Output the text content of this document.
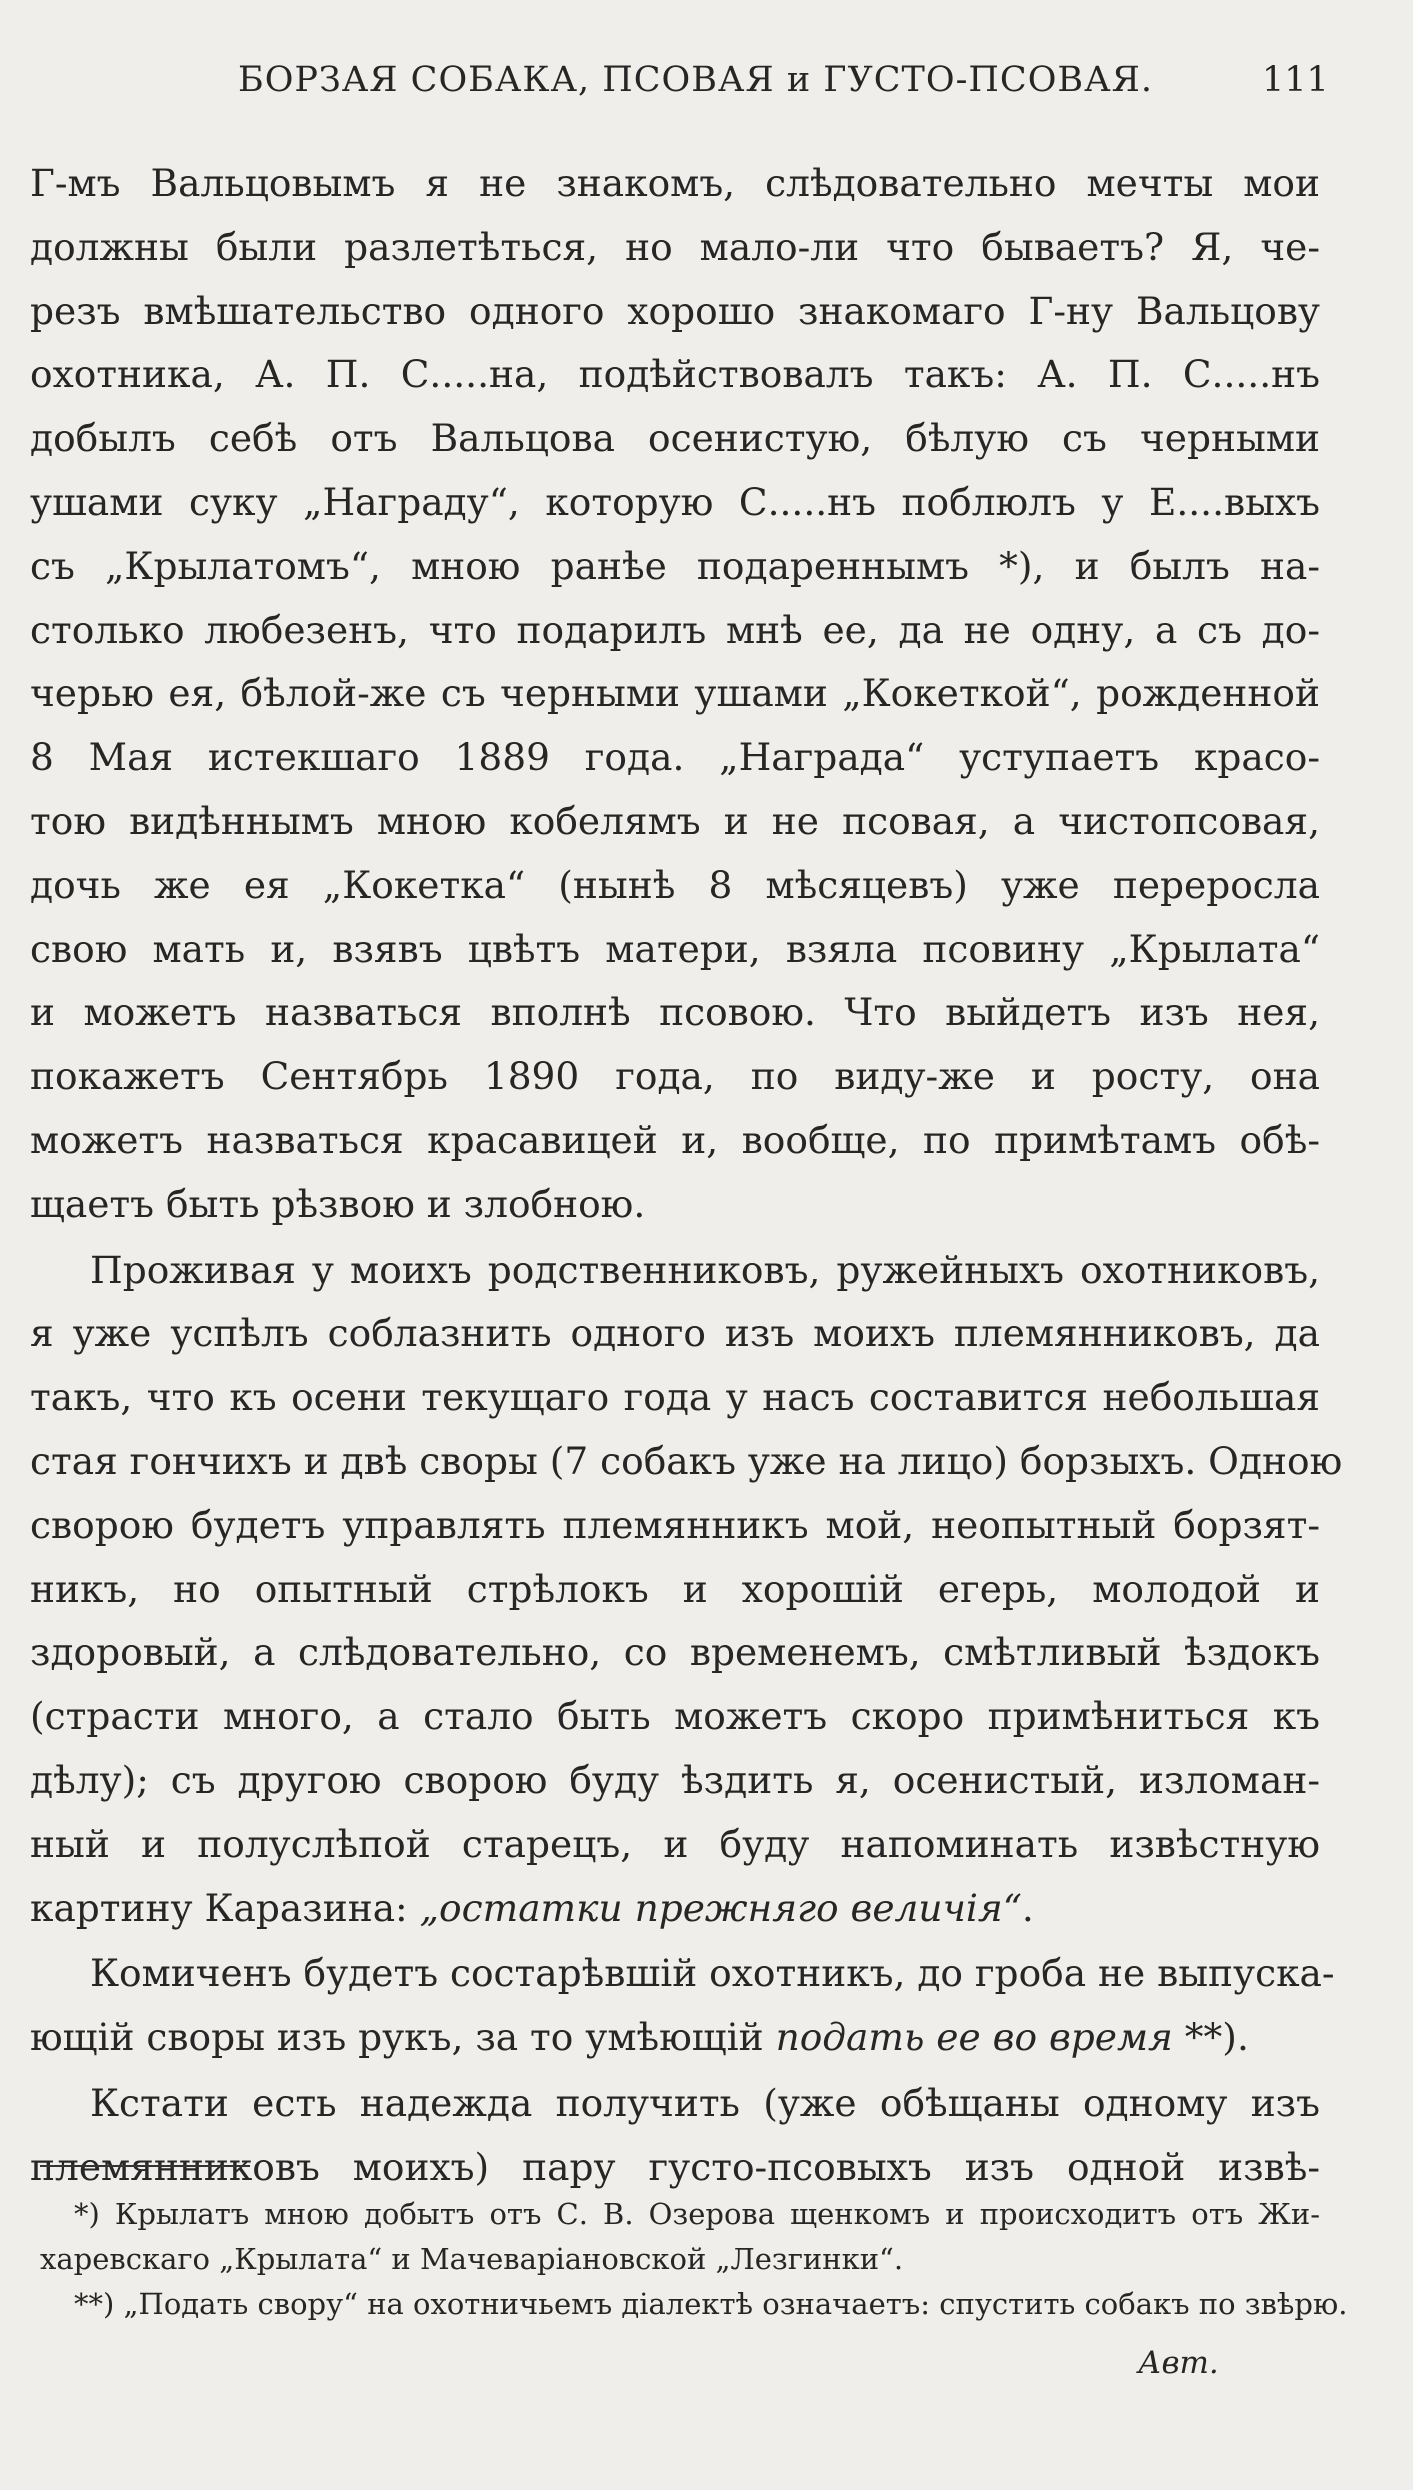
БОРЗАЯ СОБАКА, ПСОВАЯ и ГУСТО-ПСОВАЯ.	111
Г-мъ Вальцовымъ я не знакомъ, слѣдовательно мечты мои
должны были разлетѣться, но мало-ли что бываетъ? Я, че-
резъ вмѣшательство одного хорошо знакомаго Г-ну Вальцову
охотника, А. П. С.....на, подѣйствовалъ такъ: А. П. С.....нъ
добылъ себѣ отъ Вальцова осенистую, бѣлую съ черными
ушами суку „Награду“, которую С.....нъ поблюлъ у Е....выхъ
съ „Крылатомъ“, мною ранѣе подареннымъ *), и былъ на-
столько любезенъ, что подарилъ мнѣ ее, да не одну, а съ до-
черью ея, бѣлой-же съ черными ушами „Кокеткой“, рожденной
8 Мая истекшаго 1889 года. „Награда“ уступаетъ красо-
тою видѣннымъ мною кобелямъ и не псовая, а чистопсовая,
дочь же ея „Кокетка“ (нынѣ 8 мѣсяцевъ) уже переросла
свою мать и, взявъ цвѣтъ матери, взяла псовину „Крылата“
и можетъ назваться вполнѣ псовою. Что выйдетъ изъ нея,
покажетъ Сентябрь 1890 года, по виду-же и росту, она
можетъ назваться красавицей и, вообще, по примѣтамъ обѣ-
щаетъ быть рѣзвою и злобною.
Проживая у моихъ родственниковъ, ружейныхъ охотниковъ,
я уже успѣлъ соблазнить одного изъ моихъ племянниковъ, да
такъ, что къ осени текущаго года у насъ составится небольшая
стая гончихъ и двѣ своры (7 собакъ уже на лицо) борзыхъ. Одною
сворою будетъ управлять племянникъ мой, неопытный борзят-
никъ, но опытный стрѣлокъ и хорошій егерь, молодой и
здоровый, а слѣдовательно, со временемъ, смѣтливый ѣздокъ
(страсти много, а стало быть можетъ скоро примѣниться къ
дѣлу); съ другою сворою буду ѣздить я, осенистый, изломан-
ный и полуслѣпой старецъ, и буду напоминать извѣстную
картину Каразина: „остатки прежняго величія“.
Комиченъ будетъ состарѣвшій охотникъ, до гроба не выпуска-
ющій своры изъ рукъ, за то умѣющій подать ее во время **).
Кстати есть надежда получить (уже обѣщаны одному изъ
племянниковъ моихъ) пару густо-псовыхъ изъ одной извѣ-
*) Крылатъ мною добытъ отъ С. В. Озерова щенкомъ и происходитъ отъ Жи-
харевскаго „Крылата“ и Мачеваріановской „Лезгинки“.
**) „Подать свору“ на охотничьемъ діалектѣ означаетъ: спустить собакъ по звѣрю.
Авт.
